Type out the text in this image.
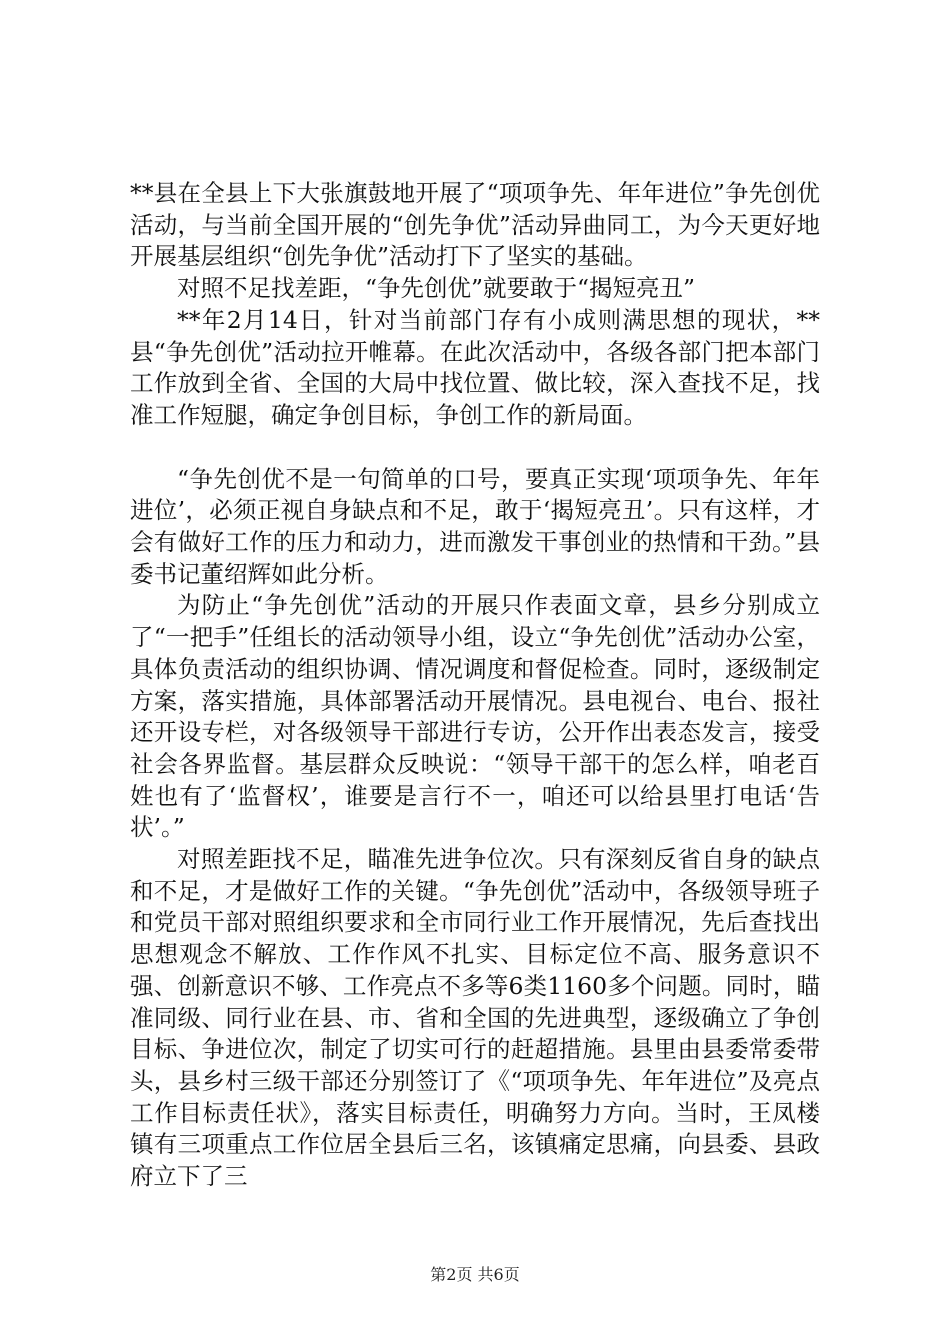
**县在全县上下大张旗鼓地开展了“项项争先、年年进位”争先创优活动，与当前全国开展的“创先争优”活动异曲同工，为今天更好地开展基层组织“创先争优”活动打下了坚实的基础。

对照不足找差距，“争先创优”就要敢于“揭短亮丑”

**年2月14日，针对当前部门存有小成则满思想的现状，**县“争先创优”活动拉开帷幕。在此次活动中，各级各部门把本部门工作放到全省、全国的大局中找位置、做比较，深入查找不足，找准工作短腿，确定争创目标，争创工作的新局面。

“争先创优不是一句简单的口号，要真正实现‘项项争先、年年进位’，必须正视自身缺点和不足，敢于‘揭短亮丑’。只有这样，才会有做好工作的压力和动力，进而激发干事创业的热情和干劲。”县委书记董绍辉如此分析。

为防止“争先创优”活动的开展只作表面文章，县乡分别成立了“一把手”任组长的活动领导小组，设立“争先创优”活动办公室，具体负责活动的组织协调、情况调度和督促检查。同时，逐级制定方案，落实措施，具体部署活动开展情况。县电视台、电台、报社还开设专栏，对各级领导干部进行专访，公开作出表态发言，接受社会各界监督。基层群众反映说：“领导干部干的怎么样，咱老百姓也有了‘监督权’，谁要是言行不一，咱还可以给县里打电话‘告状’。”

对照差距找不足，瞄准先进争位次。只有深刻反省自身的缺点和不足，才是做好工作的关键。“争先创优”活动中，各级领导班子和党员干部对照组织要求和全市同行业工作开展情况，先后查找出思想观念不解放、工作作风不扎实、目标定位不高、服务意识不强、创新意识不够、工作亮点不多等6类1160多个问题。同时，瞄准同级、同行业在县、市、省和全国的先进典型，逐级确立了争创目标、争进位次，制定了切实可行的赶超措施。县里由县委常委带头，县乡村三级干部还分别签订了《“项项争先、年年进位”及亮点工作目标责任状》，落实目标责任，明确努力方向。当时，王凤楼镇有三项重点工作位居全县后三名，该镇痛定思痛，向县委、县政府立下了三

第2页 共6页
